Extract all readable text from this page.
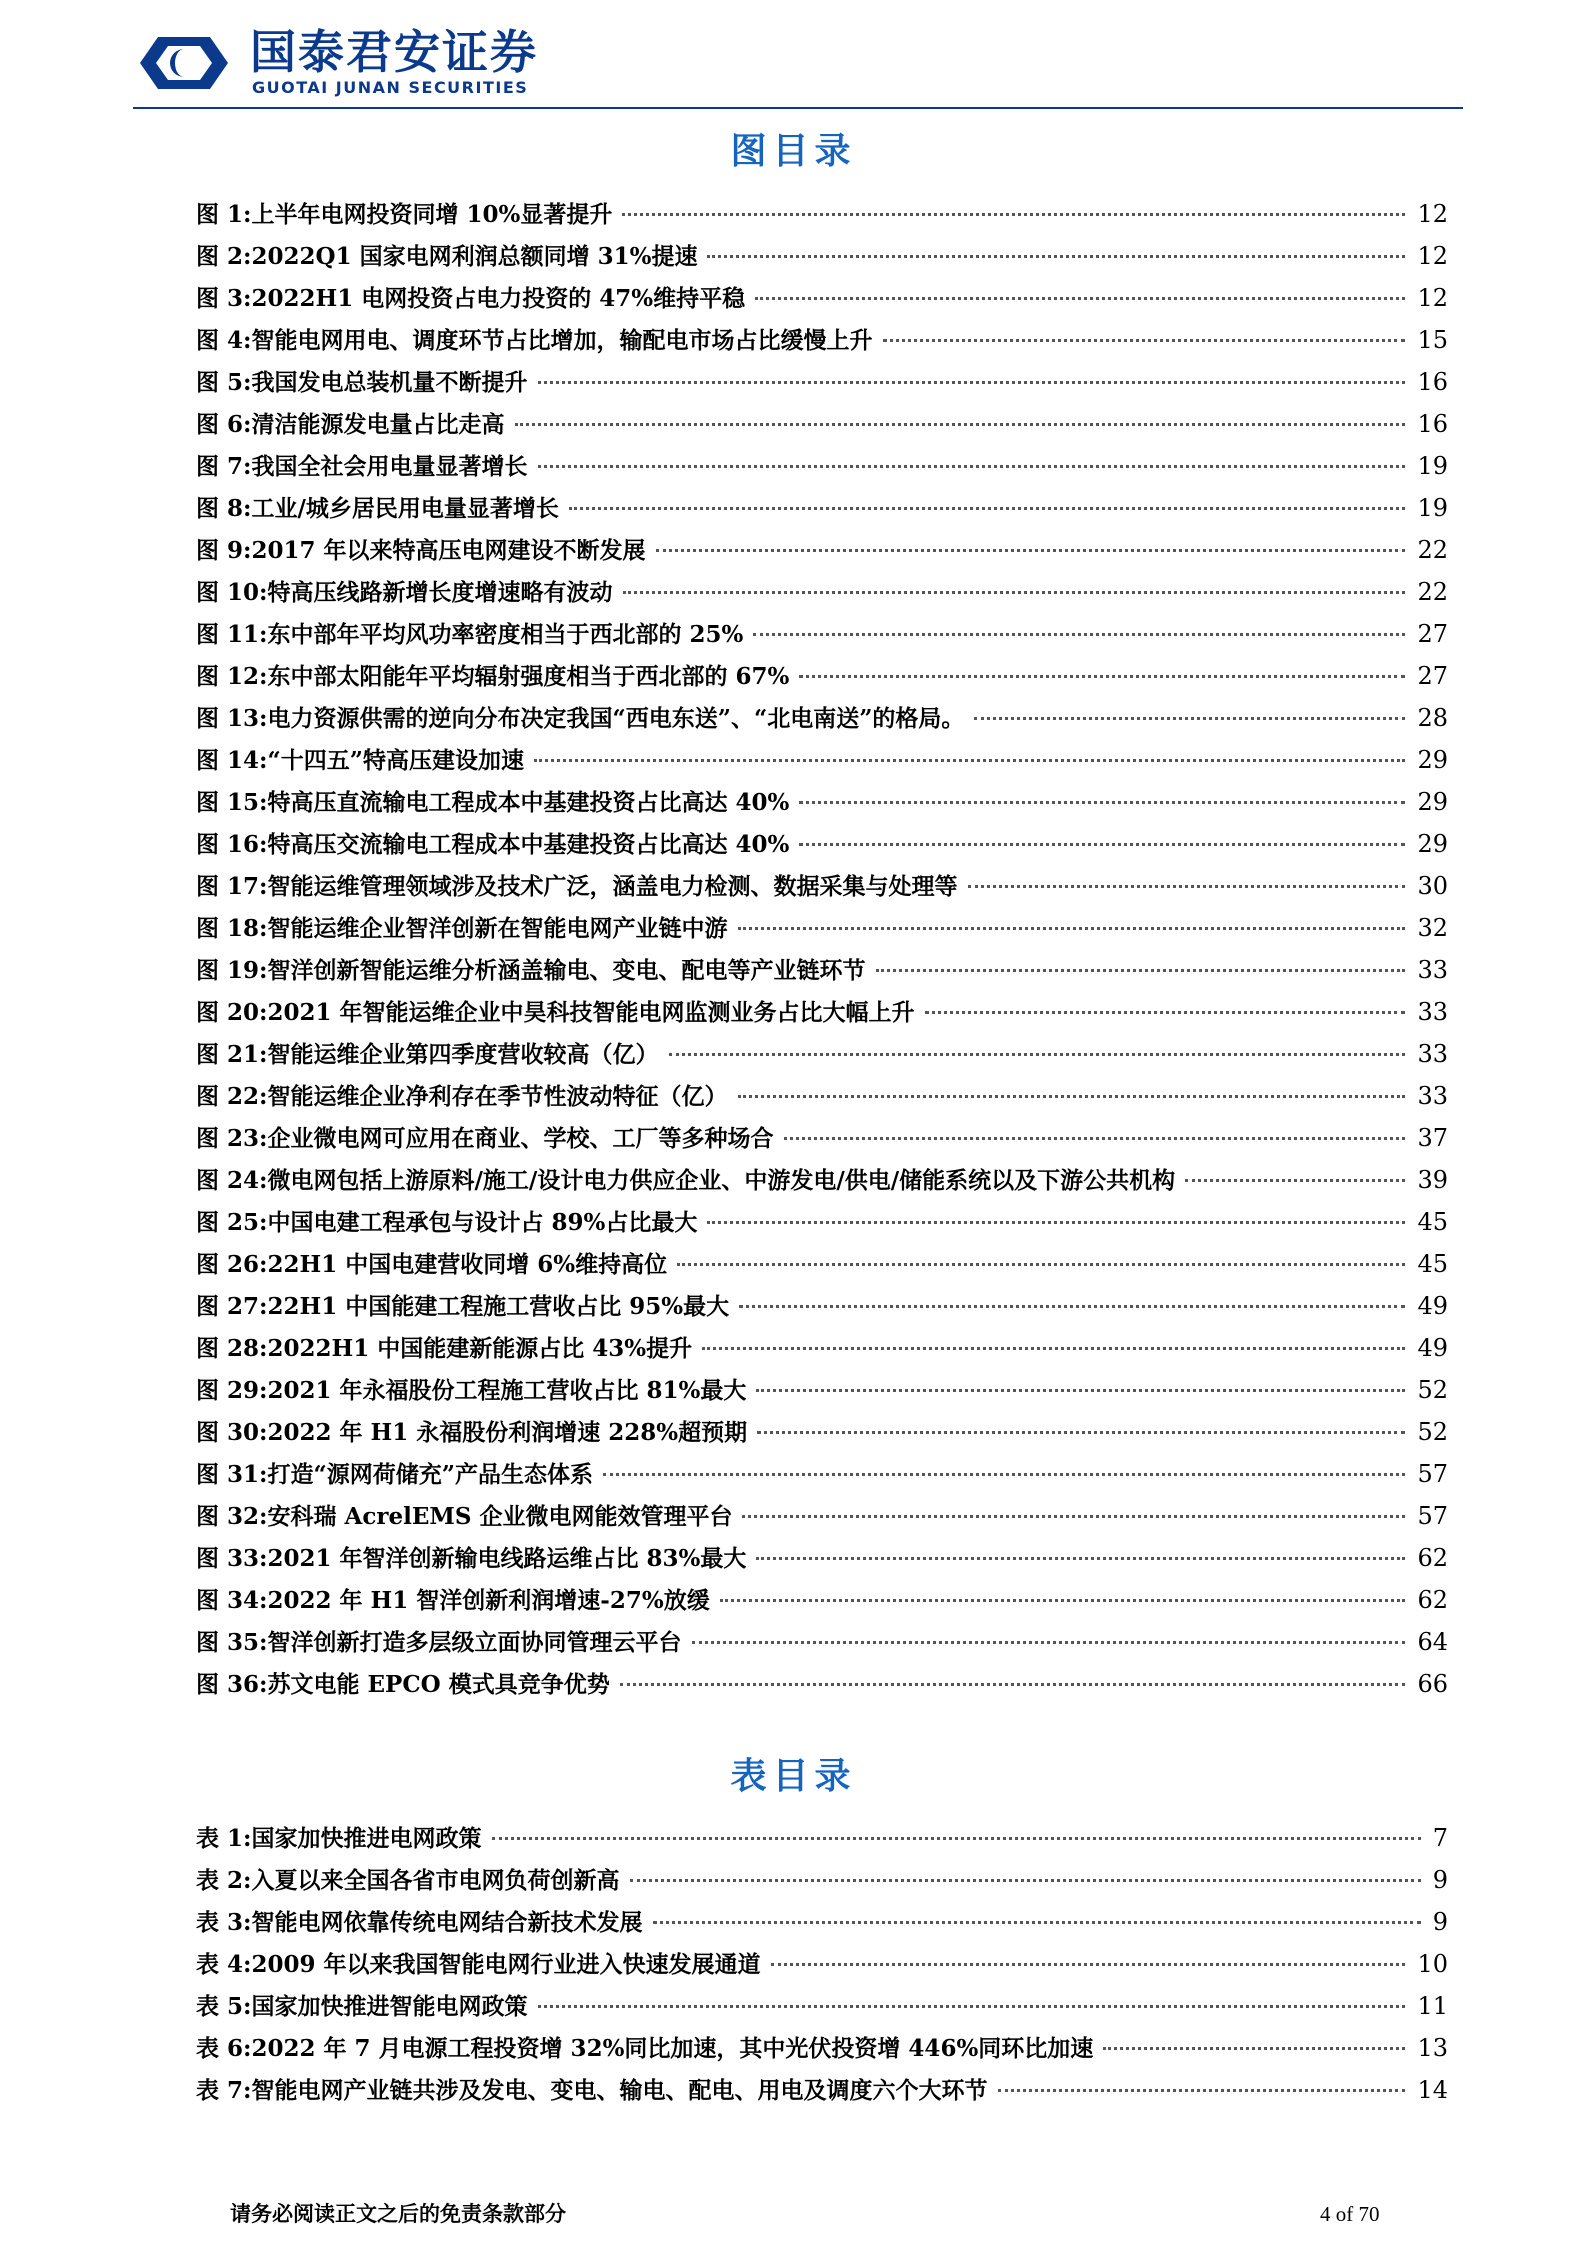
国泰君安证券
GUOTAI JUNAN SECURITIES
图目录
图 1: 上半年电网投资同增 10%显著提升	12
图 2: 2022Q1 国家电网利润总额同增 31%提速	12
图 3: 2022H1 电网投资占电力投资的 47%维持平稳	12
图 4: 智能电网用电、调度环节占比增加，输配电市场占比缓慢上升	15
图 5: 我国发电总装机量不断提升	16
图 6: 清洁能源发电量占比走高	16
图 7: 我国全社会用电量显著增长	19
图 8: 工业/城乡居民用电量显著增长	19
图 9: 2017 年以来特高压电网建设不断发展	22
图 10: 特高压线路新增长度增速略有波动	22
图 11: 东中部年平均风功率密度相当于西北部的 25%	27
图 12: 东中部太阳能年平均辐射强度相当于西北部的 67%	27
图 13: 电力资源供需的逆向分布决定我国“西电东送”、“北电南送”的格局。	28
图 14: “十四五”特高压建设加速	29
图 15: 特高压直流输电工程成本中基建投资占比高达 40%	29
图 16: 特高压交流输电工程成本中基建投资占比高达 40%	29
图 17: 智能运维管理领域涉及技术广泛，涵盖电力检测、数据采集与处理等	30
图 18: 智能运维企业智洋创新在智能电网产业链中游	32
图 19: 智洋创新智能运维分析涵盖输电、变电、配电等产业链环节	33
图 20: 2021 年智能运维企业中昊科技智能电网监测业务占比大幅上升	33
图 21: 智能运维企业第四季度营收较高（亿）	33
图 22: 智能运维企业净利存在季节性波动特征（亿）	33
图 23: 企业微电网可应用在商业、学校、工厂等多种场合	37
图 24: 微电网包括上游原料/施工/设计电力供应企业、中游发电/供电/储能系统以及下游公共机构	39
图 25: 中国电建工程承包与设计占 89%占比最大	45
图 26: 22H1 中国电建营收同增 6%维持高位	45
图 27: 22H1 中国能建工程施工营收占比 95%最大	49
图 28: 2022H1 中国能建新能源占比 43%提升	49
图 29: 2021 年永福股份工程施工营收占比 81%最大	52
图 30: 2022 年 H1 永福股份利润增速 228%超预期	52
图 31: 打造“源网荷储充”产品生态体系	57
图 32: 安科瑞 AcrelEMS 企业微电网能效管理平台	57
图 33: 2021 年智洋创新输电线路运维占比 83%最大	62
图 34: 2022 年 H1 智洋创新利润增速-27%放缓	62
图 35: 智洋创新打造多层级立面协同管理云平台	64
图 36: 苏文电能 EPCO 模式具竞争优势	66
表目录
表 1: 国家加快推进电网政策	7
表 2: 入夏以来全国各省市电网负荷创新高	9
表 3: 智能电网依靠传统电网结合新技术发展	9
表 4: 2009 年以来我国智能电网行业进入快速发展通道	10
表 5: 国家加快推进智能电网政策	11
表 6: 2022 年 7 月电源工程投资增 32%同比加速，其中光伏投资增 446%同环比加速	13
表 7: 智能电网产业链共涉及发电、变电、输电、配电、用电及调度六个大环节	14
请务必阅读正文之后的免责条款部分	4 of 70
